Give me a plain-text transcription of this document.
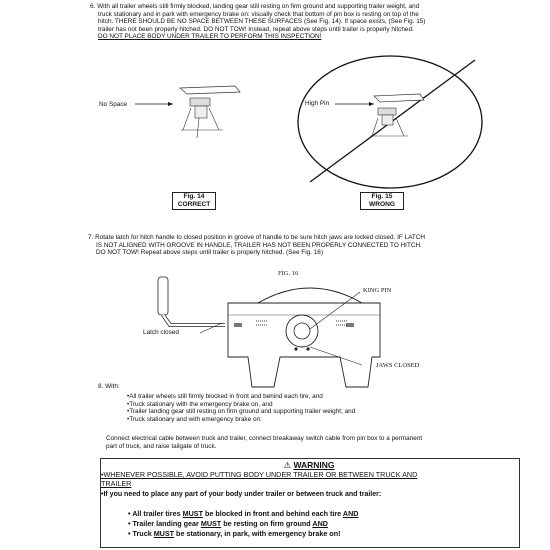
6. With all trailer wheels still firmly blocked, landing gear still resting on firm ground and supporting trailer weight, and
truck stationary and in park with emergency brake on: visually check that bottom of pin box is resting on top of the
hitch. THERE SHOULD BE NO SPACE BETWEEN THESE SURFACES (See Fig. 14). If space exists, (See Fig. 15)
trailer has not been properly hitched. DO NOT TOW! Instead, repeat above steps until trailer is properly hitched.
DO NOT PLACE BODY UNDER TRAILER TO PERFORM THIS INSPECTION!
No Space
Fig. 14
CORRECT
High Pin
Fig. 15
WRONG
7. Rotate latch for hitch handle to closed position in groove of handle to be sure hitch jaws are locked closed. IF LATCH
IS NOT ALIGNED WITH GROOVE IN HANDLE, TRAILER HAS NOT BEEN PROPERLY CONNECTED TO HITCH.
DO NOT TOW! Repeat above steps until trailer is properly hitched. (See Fig. 16)
FIG. 16
KING PIN
Latch closed
JAWS CLOSED
8. With:
•All trailer wheels still firmly blocked in front and behind each tire, and
•Truck stationary with the emergency brake on, and
•Trailer landing gear still resting on firm ground and supporting trailer weight; and
•Truck stationary and with emergency brake on:
Connect electrical cable between truck and trailer, connect breakaway switch cable from pin box to a permanent
part of truck, and raise tailgate of truck.
⚠ WARNING
•WHENEVER POSSIBLE, AVOID PUTTING BODY UNDER TRAILER OR BETWEEN TRUCK AND
TRAILER
•If you need to place any part of your body under trailer or between truck and trailer:
• All trailer tires MUST be blocked in front and behind each tire AND
• Trailer landing gear MUST be resting on firm ground AND
• Truck MUST be stationary, in park, with emergency brake on!
